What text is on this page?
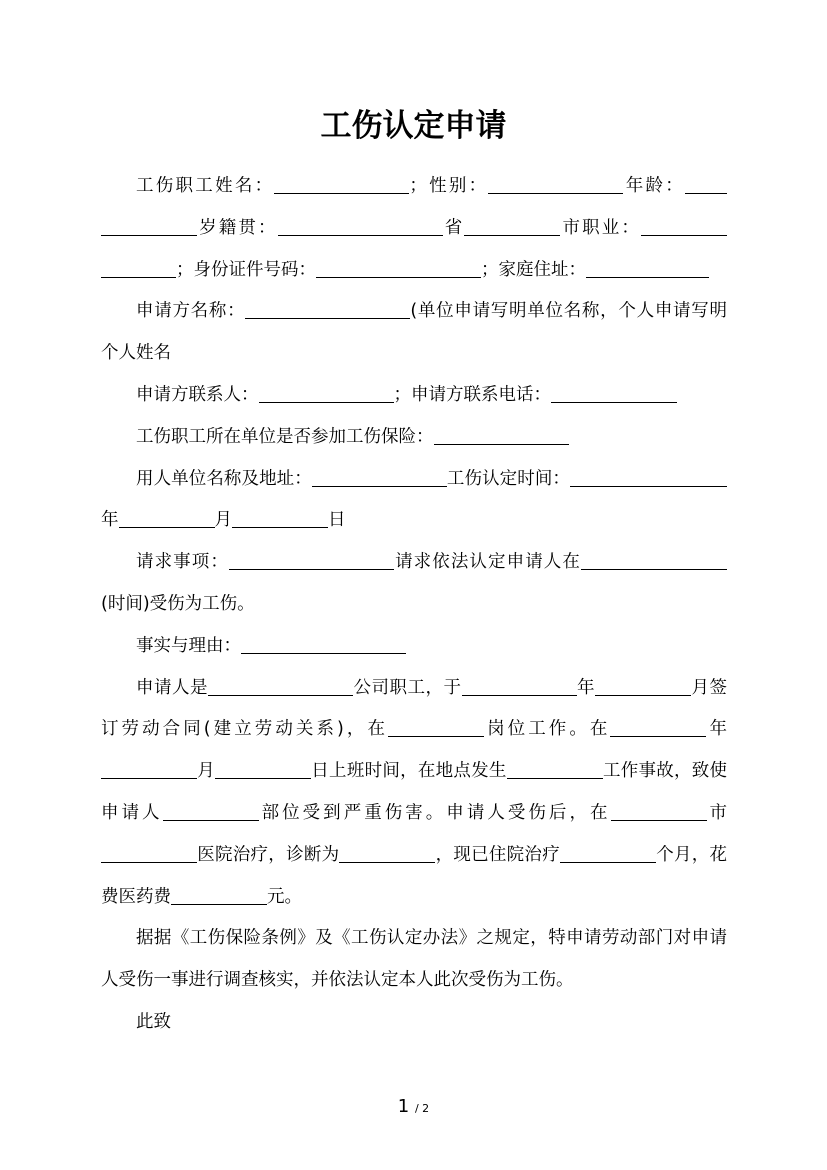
工伤认定申请

工伤职工姓名：	；性别：	年龄：岁籍贯：	省	市职业：；身份证件号码：	；家庭住址：

申请方名称：	(单位申请写明单位名称，个人申请写明个人姓名

申请方联系人：	；申请方联系电话：

工伤职工所在单位是否参加工伤保险：

用人单位名称及地址：	工伤认定时间：年	月	日

请求事项：	请求依法认定申请人在(时间)受伤为工伤。

事实与理由：

申请人是	公司职工，于	年	月签订劳动合同(建立劳动关系)，在	岗位工作。在	年月	日上班时间，在地点发生	工作事故，致使申请人	部位受到严重伤害。申请人受伤后，在	市医院治疗，诊断为	，现已住院治疗	个月，花费医药费	元。

据据《工伤保险条例》及《工伤认定办法》之规定，特申请劳动部门对申请人受伤一事进行调查核实，并依法认定本人此次受伤为工伤。

此致

1 / 2
